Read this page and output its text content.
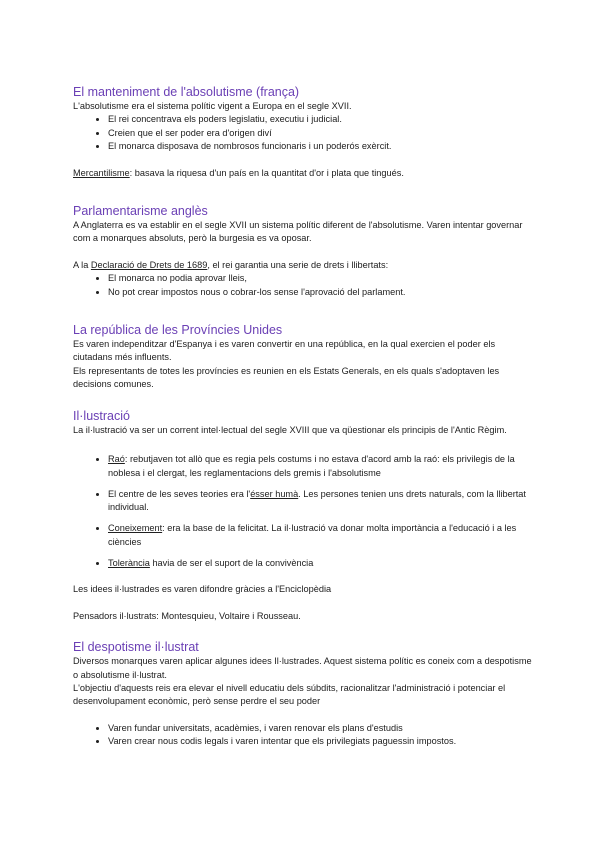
El manteniment de l'absolutisme (frança)

L'absolutisme era el sistema polític vigent a Europa en el segle XVII.

• El rei concentrava els poders legislatiu, executiu i judicial.
• Creien que el ser poder era d'origen diví
• El monarca disposava de nombrosos funcionaris i un poderós exèrcit.

Mercantilisme: basava la riquesa d'un país en la quantitat d'or i plata que tingués.

Parlamentarisme anglès

A Anglaterra es va establir en el segle XVII un sistema polític diferent de l'absolutisme. Varen intentar governar com a monarques absoluts, però la burgesia es va oposar.

A la Declaració de Drets de 1689, el rei garantia una serie de drets i llibertats:

• El monarca no podia aprovar lleis,
• No pot crear impostos nous o cobrar-los sense l'aprovació del parlament.
La república de les Províncies Unides

Es varen independitzar d'Espanya i es varen convertir en una república, en la qual exercien el poder els ciutadans més influents.

Els representants de totes les províncies es reunien en els Estats Generals, en els quals s'adoptaven les decisions comunes.

Il·lustració

La il·lustració va ser un corrent intel·lectual del segle XVIII que va qüestionar els principis de l'Antic Règim.

• Raó: rebutjaven tot allò que es regia pels costums i no estava d'acord amb la raó: els privilegis de la noblesa i el clergat, les reglamentacions dels gremis i l'absolutisme
• El centre de les seves teories era l'ésser humà. Les persones tenien uns drets naturals, com la llibertat individual.
• Coneixement: era la base de la felicitat. La il·lustració va donar molta importància a l'educació i a les ciències
• Tolerància havia de ser el suport de la convivència

Les idees il·lustrades es varen difondre gràcies a l'Enciclopèdia

Pensadors il·lustrats: Montesquieu, Voltaire i Rousseau.

El despotisme il·lustrat

Diversos monarques varen aplicar algunes idees Il·lustrades. Aquest sistema polític es coneix com a despotisme o absolutisme il·lustrat.

L'objectiu d'aquests reis era elevar el nivell educatiu dels súbdits, racionalitzar l'administració i potenciar el desenvolupament econòmic, però sense perdre el seu poder

• Varen fundar universitats, acadèmies, i varen renovar els plans d'estudis
• Varen crear nous codis legals i varen intentar que els privilegiats paguessin impostos.
